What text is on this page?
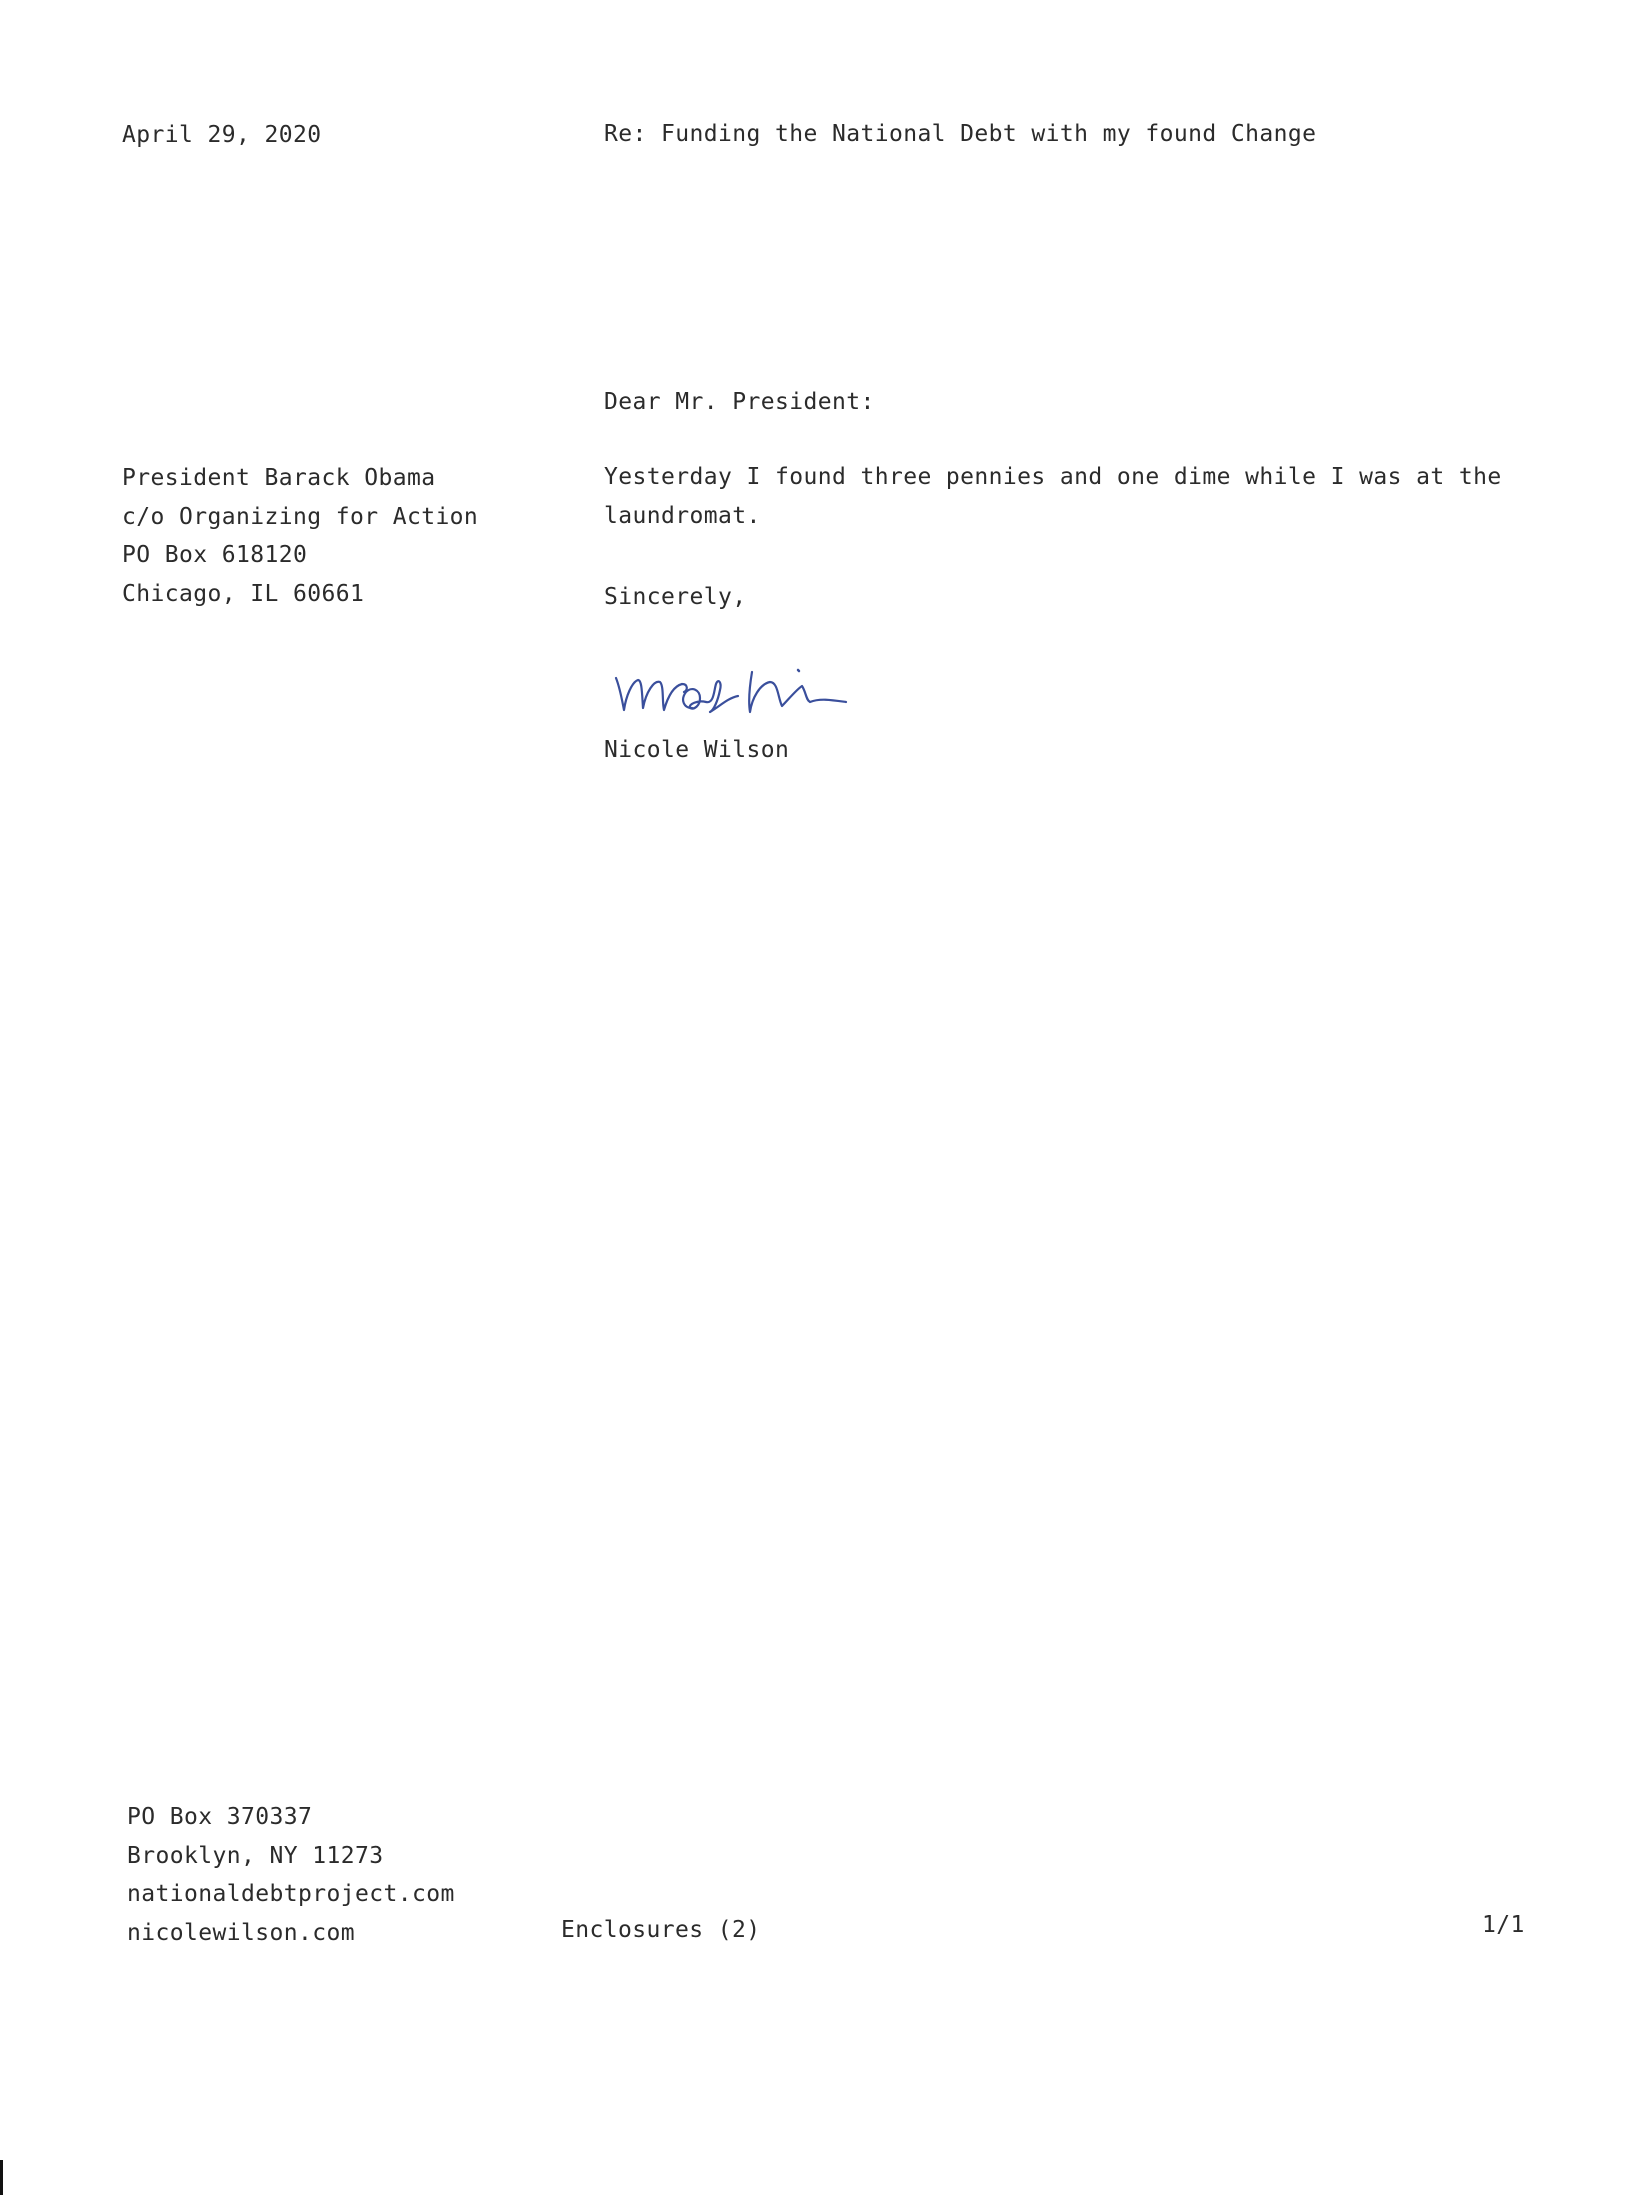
April 29, 2020	Re: Funding the National Debt with my found Change
Dear Mr. President:
President Barack Obama
c/o Organizing for Action
PO Box 618120
Chicago, IL 60661
Yesterday I found three pennies and one dime while I was at the
laundromat.
Sincerely,
Nicole Wilson
PO Box 370337
Brooklyn, NY 11273
nationaldebtproject.com
nicolewilson.com	Enclosures (2)	1/1
